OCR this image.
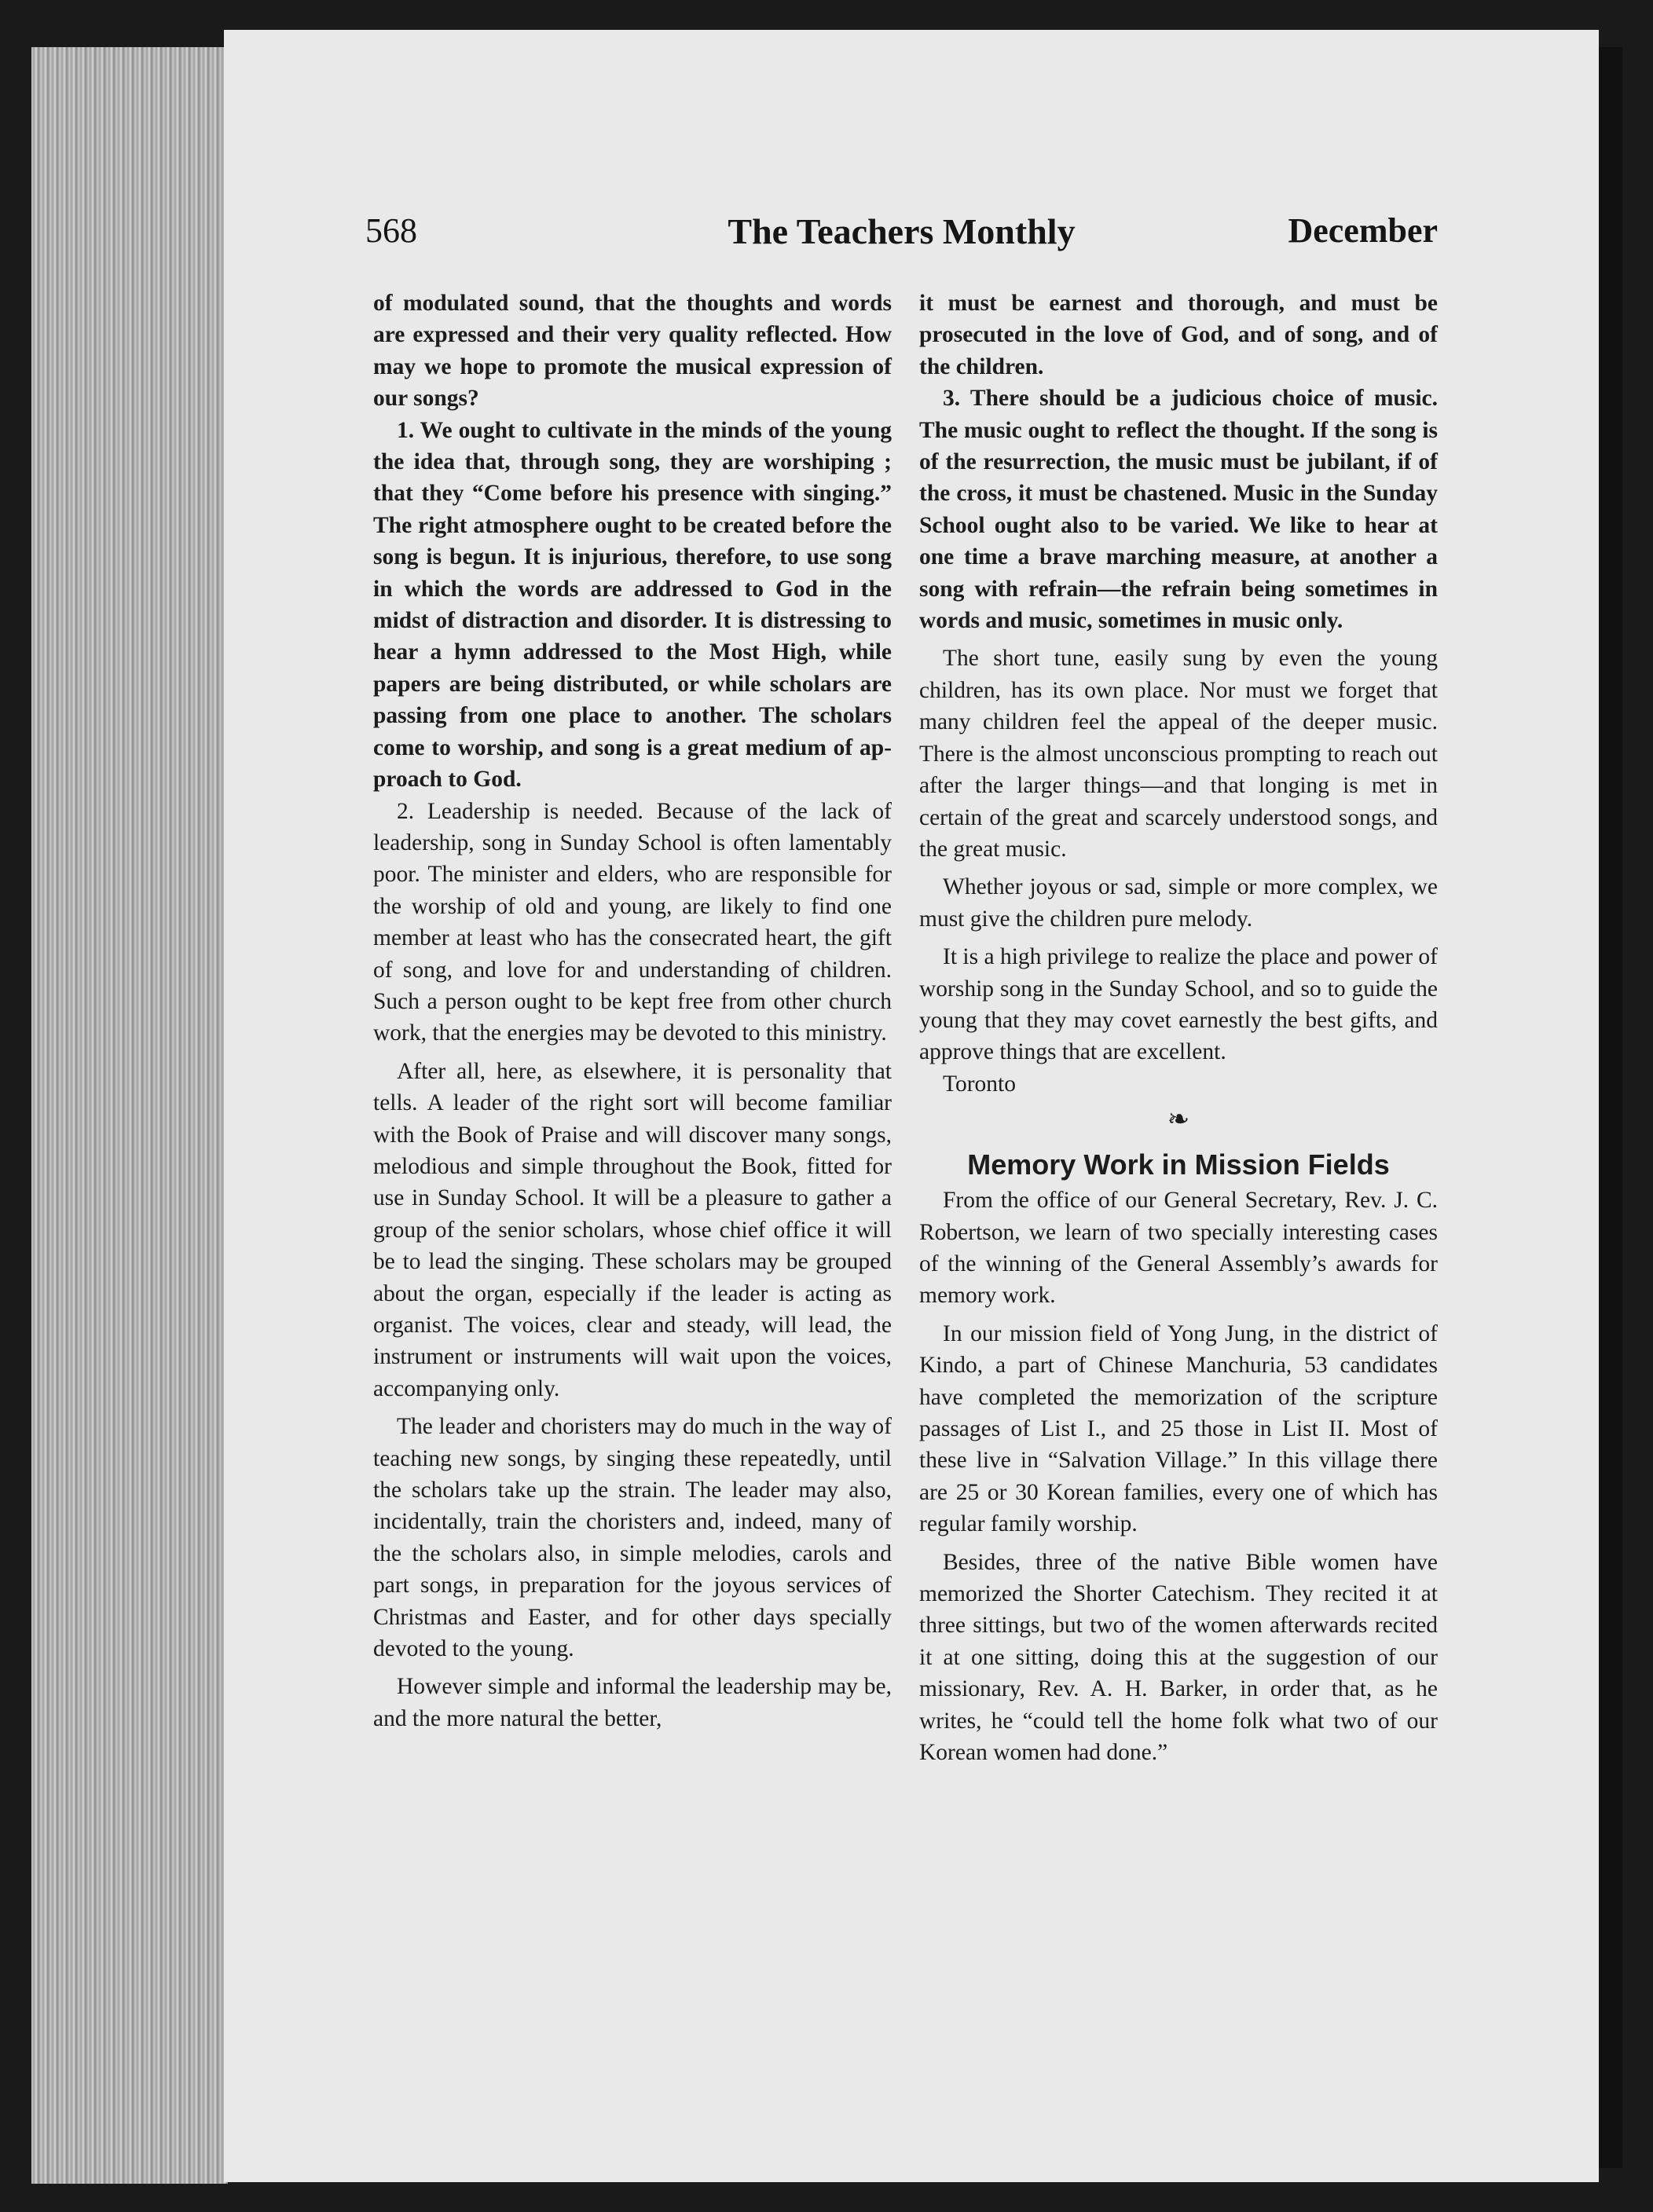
568	The Teachers Monthly	December

of modulated sound, that the thoughts and words are expressed and their very quality reflected. How may we hope to promote the musical expression of our songs?

1. We ought to cultivate in the minds of the young the idea that, through song, they are worshiping ; that they “Come before his presence with singing.” The right atmosphere ought to be created before the song is begun. It is injurious, therefore, to use song in which the words are addressed to God in the midst of distraction and disorder. It is distressing to hear a hymn addressed to the Most High, while papers are being distributed, or while scholars are passing from one place to another. The scholars come to worship, and song is a great medium of approach to God.

2. Leadership is needed. Because of the lack of leadership, song in Sunday School is often lamentably poor. The minister and elders, who are responsible for the worship of old and young, are likely to find one member at least who has the consecrated heart, the gift of song, and love for and understanding of children. Such a person ought to be kept free from other church work, that the energies may be devoted to this ministry.

After all, here, as elsewhere, it is personality that tells. A leader of the right sort will become familiar with the Book of Praise and will discover many songs, melodious and simple throughout the Book, fitted for use in Sunday School. It will be a pleasure to gather a group of the senior scholars, whose chief office it will be to lead the singing. These scholars may be grouped about the organ, especially if the leader is acting as organist. The voices, clear and steady, will lead, the instrument or instruments will wait upon the voices, accompanying only.

The leader and choristers may do much in the way of teaching new songs, by singing these repeatedly, until the scholars take up the strain. The leader may also, incidentally, train the choristers and, indeed, many of the the scholars also, in simple melodies, carols and part songs, in preparation for the joyous services of Christmas and Easter, and for other days specially devoted to the young.

However simple and informal the leadership may be, and the more natural the better,

it must be earnest and thorough, and must be prosecuted in the love of God, and of song, and of the children.

3. There should be a judicious choice of music. The music ought to reflect the thought. If the song is of the resurrection, the music must be jubilant, if of the cross, it must be chastened. Music in the Sunday School ought also to be varied. We like to hear at one time a brave marching measure, at another a song with refrain—the refrain being sometimes in words and music, sometimes in music only.

The short tune, easily sung by even the young children, has its own place. Nor must we forget that many children feel the appeal of the deeper music. There is the almost unconscious prompting to reach out after the larger things—and that longing is met in certain of the great and scarcely understood songs, and the great music.

Whether joyous or sad, simple or more complex, we must give the children pure melody.

It is a high privilege to realize the place and power of worship song in the Sunday School, and so to guide the young that they may covet earnestly the best gifts, and approve things that are excellent.

Toronto

❧
Memory Work in Mission Fields

From the office of our General Secretary, Rev. J. C. Robertson, we learn of two specially interesting cases of the winning of the General Assembly’s awards for memory work.

In our mission field of Yong Jung, in the district of Kindo, a part of Chinese Manchuria, 53 candidates have completed the memorization of the scripture passages of List I., and 25 those in List II. Most of these live in “Salvation Village.” In this village there are 25 or 30 Korean families, every one of which has regular family worship.

Besides, three of the native Bible women have memorized the Shorter Catechism. They recited it at three sittings, but two of the women afterwards recited it at one sitting, doing this at the suggestion of our missionary, Rev. A. H. Barker, in order that, as he writes, he “could tell the home folk what two of our Korean women had done.”
